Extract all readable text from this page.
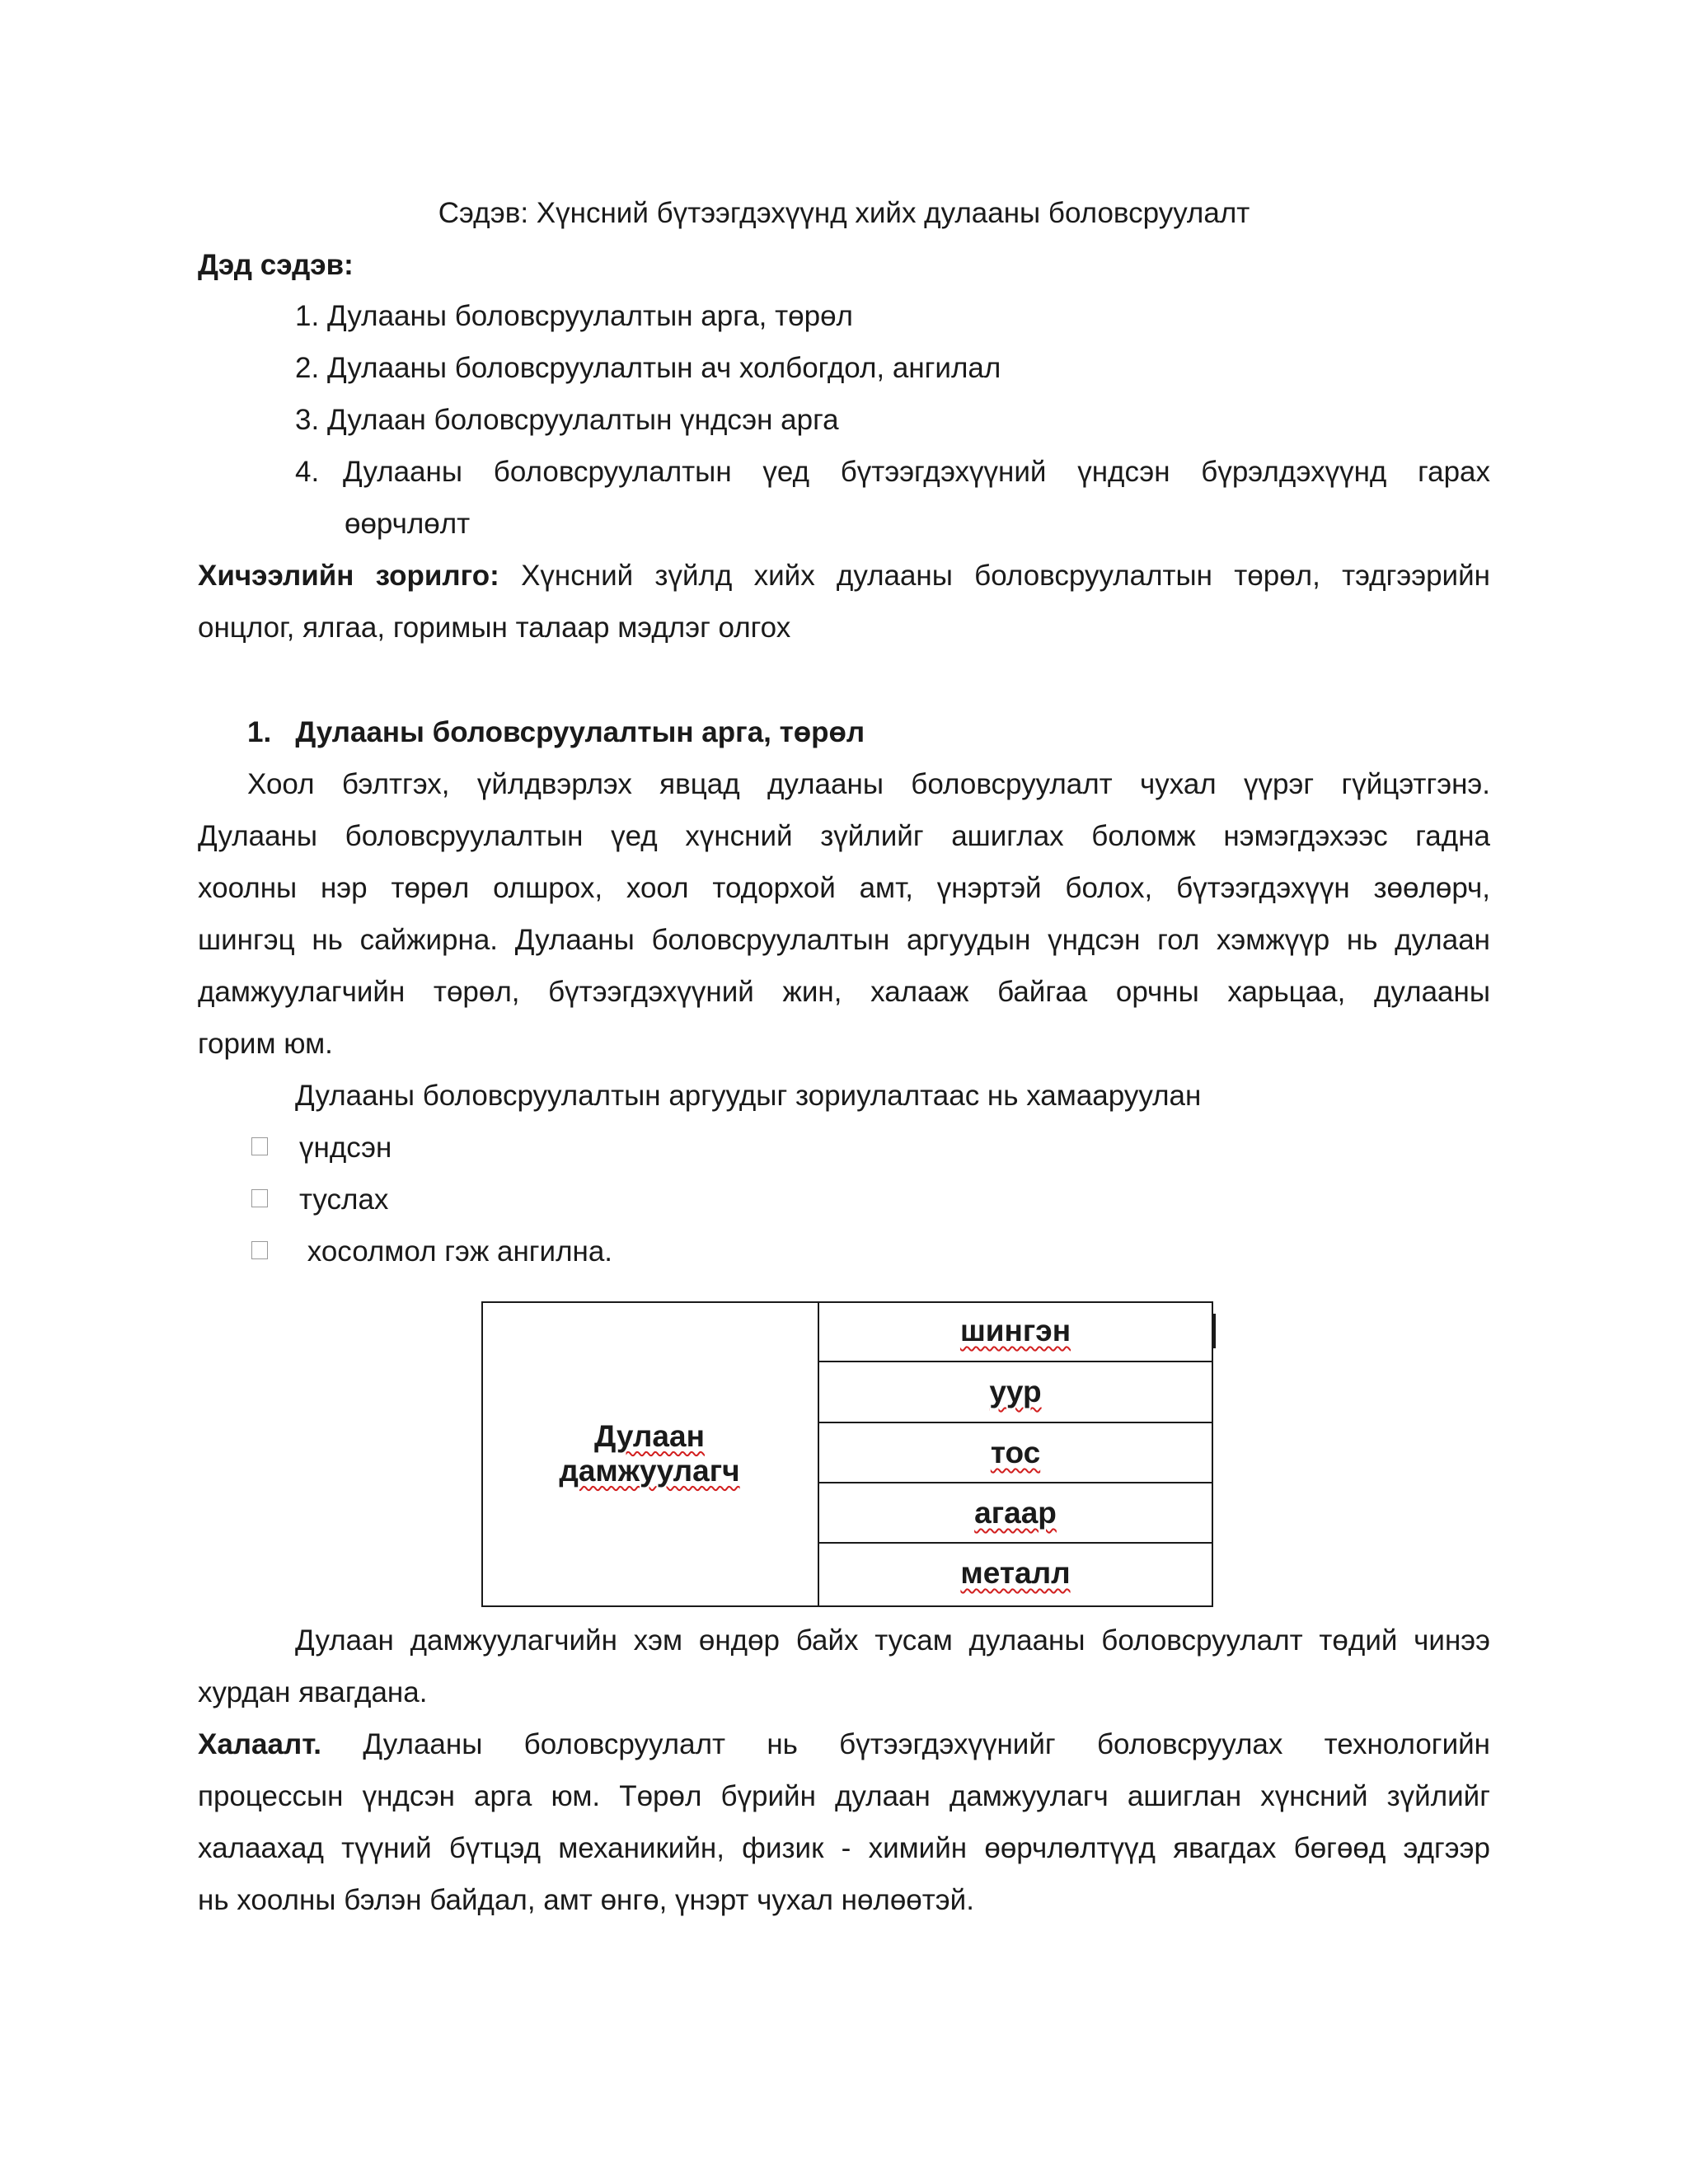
Сэдэв: Хүнсний бүтээгдэхүүнд хийх дулааны боловсруулалт
Дэд сэдэв:
1. Дулааны боловсруулалтын арга, төрөл
2. Дулааны боловсруулалтын ач холбогдол, ангилал
3. Дулаан боловсруулалтын үндсэн арга
4. Дулааны боловсруулалтын үед бүтээгдэхүүний үндсэн бүрэлдэхүүнд гарах
өөрчлөлт
Хичээлийн зорилго: Хүнсний зүйлд хийх дулааны боловсруулалтын төрөл, тэдгээрийн
онцлог, ялгаа, горимын талаар мэдлэг олгох
1. Дулааны боловсруулалтын арга, төрөл
Хоол бэлтгэх, үйлдвэрлэх явцад дулааны боловсруулалт чухал үүрэг гүйцэтгэнэ.
Дулааны боловсруулалтын үед хүнсний зүйлийг ашиглах боломж нэмэгдэхээс гадна
хоолны нэр төрөл олшрох, хоол тодорхой амт, үнэртэй болох, бүтээгдэхүүн зөөлөрч,
шингэц нь сайжирна. Дулааны боловсруулалтын аргуудын үндсэн гол хэмжүүр нь дулаан
дамжуулагчийн төрөл, бүтээгдэхүүний жин, халааж байгаа орчны харьцаа, дулааны
горим юм.
Дулааны боловсруулалтын аргуудыг зориулалтаас нь хамааруулан
үндсэн
туслах
хосолмол гэж ангилна.
Дулаан
дамжуулагч
шингэн
уур
тос
агаар
металл
Дулаан дамжуулагчийн хэм өндөр байх тусам дулааны боловсруулалт төдий чинээ
хурдан явагдана.
Халаалт. Дулааны боловсруулалт нь бүтээгдэхүүнийг боловсруулах технологийн
процессын үндсэн арга юм. Төрөл бүрийн дулаан дамжуулагч ашиглан хүнсний зүйлийг
халаахад түүний бүтцэд механикийн, физик - химийн өөрчлөлтүүд явагдах бөгөөд эдгээр
нь хоолны бэлэн байдал, амт өнгө, үнэрт чухал нөлөөтэй.
